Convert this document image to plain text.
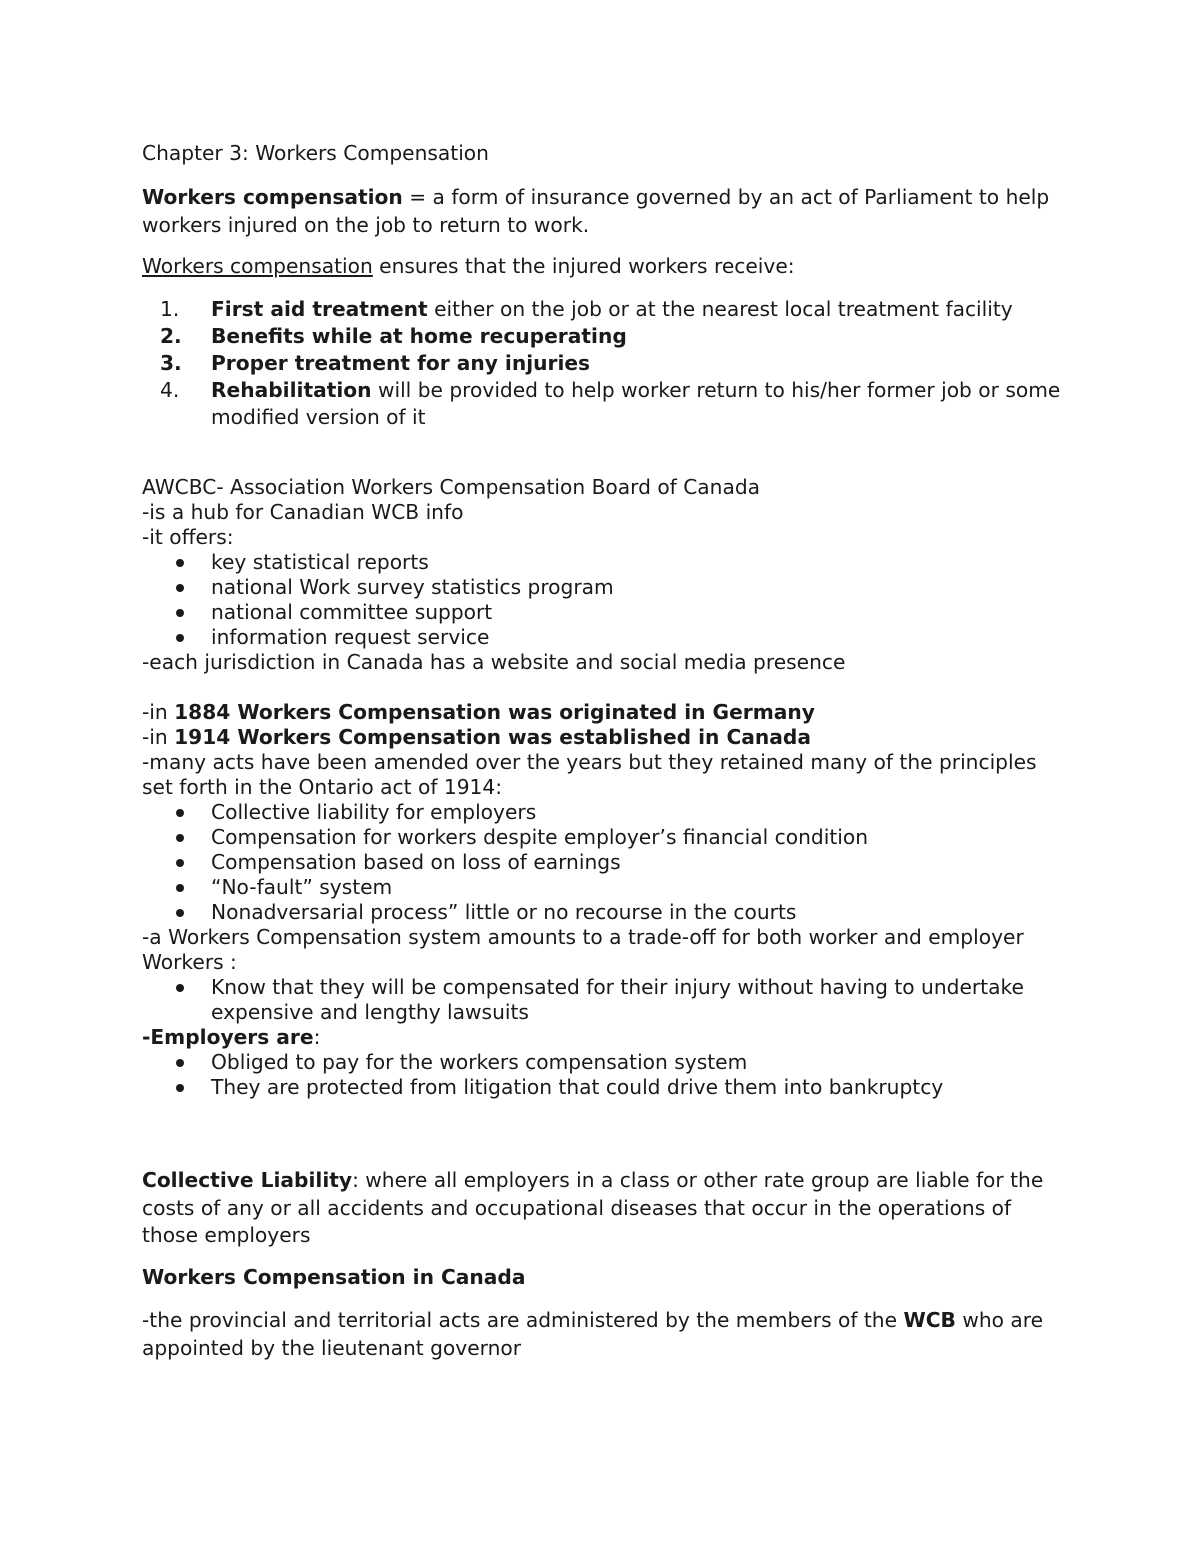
Chapter 3: Workers Compensation

Workers compensation = a form of insurance governed by an act of Parliament to help workers injured on the job to return to work.

Workers compensation ensures that the injured workers receive:

1. First aid treatment either on the job or at the nearest local treatment facility
2. Benefits while at home recuperating
3. Proper treatment for any injuries
4. Rehabilitation will be provided to help worker return to his/her former job or some modified version of it

AWCBC- Association Workers Compensation Board of Canada

-is a hub for Canadian WCB info

-it offers:

key statistical reports
national Work survey statistics program
national committee support
information request service

-each jurisdiction in Canada has a website and social media presence

-in 1884 Workers Compensation was originated in Germany

-in 1914 Workers Compensation was established in Canada

-many acts have been amended over the years but they retained many of the principles set forth in the Ontario act of 1914:

Collective liability for employers
Compensation for workers despite employer’s financial condition
Compensation based on loss of earnings
“No-fault” system
Nonadversarial process” little or no recourse in the courts

-a Workers Compensation system amounts to a trade-off for both worker and employer

Workers :

Know that they will be compensated for their injury without having to undertake expensive and lengthy lawsuits

-Employers are:

Obliged to pay for the workers compensation system
They are protected from litigation that could drive them into bankruptcy

Collective Liability: where all employers in a class or other rate group are liable for the costs of any or all accidents and occupational diseases that occur in the operations of those employers

Workers Compensation in Canada

-the provincial and territorial acts are administered by the members of the WCB who are appointed by the lieutenant governor
